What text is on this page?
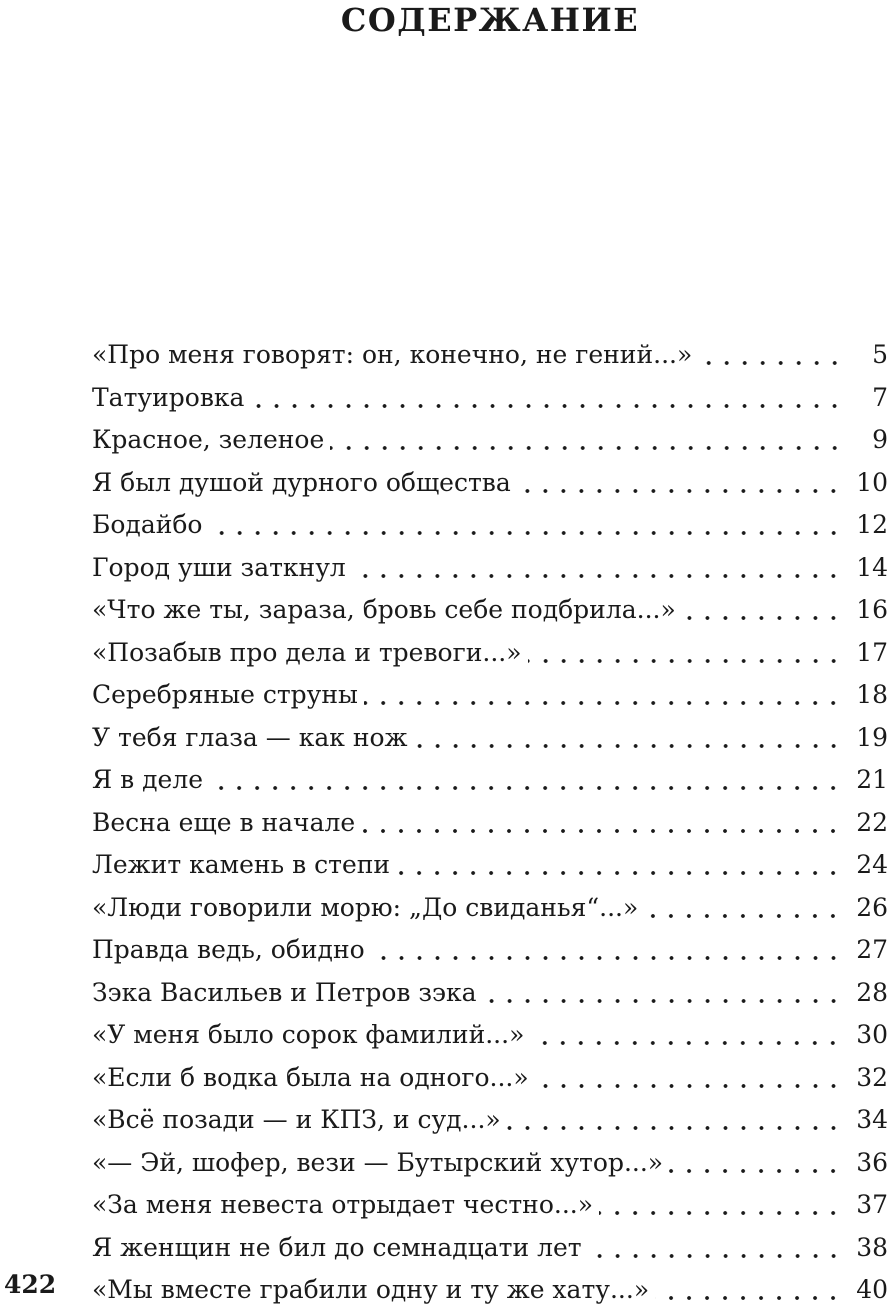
СОДЕРЖАНИЕ
«Про меня говорят: он, конечно, не гений...»	5
Татуировка	7
Красное, зеленое	9
Я был душой дурного общества	10
Бодайбо	12
Город уши заткнул	14
«Что же ты, зараза, бровь себе подбрила...»	16
«Позабыв про дела и тревоги...»	17
Серебряные струны	18
У тебя глаза — как нож	19
Я в деле	21
Весна еще в начале	22
Лежит камень в степи	24
«Люди говорили морю: „До свиданья“...»	26
Правда ведь, обидно	27
Зэка Васильев и Петров зэка	28
«У меня было сорок фамилий...»	30
«Если б водка была на одного...»	32
«Всё позади — и КПЗ, и суд...»	34
«— Эй, шофер, вези — Бутырский хутор...»	36
«За меня невеста отрыдает честно...»	37
Я женщин не бил до семнадцати лет	38
«Мы вместе грабили одну и ту же хату...»	40
422
